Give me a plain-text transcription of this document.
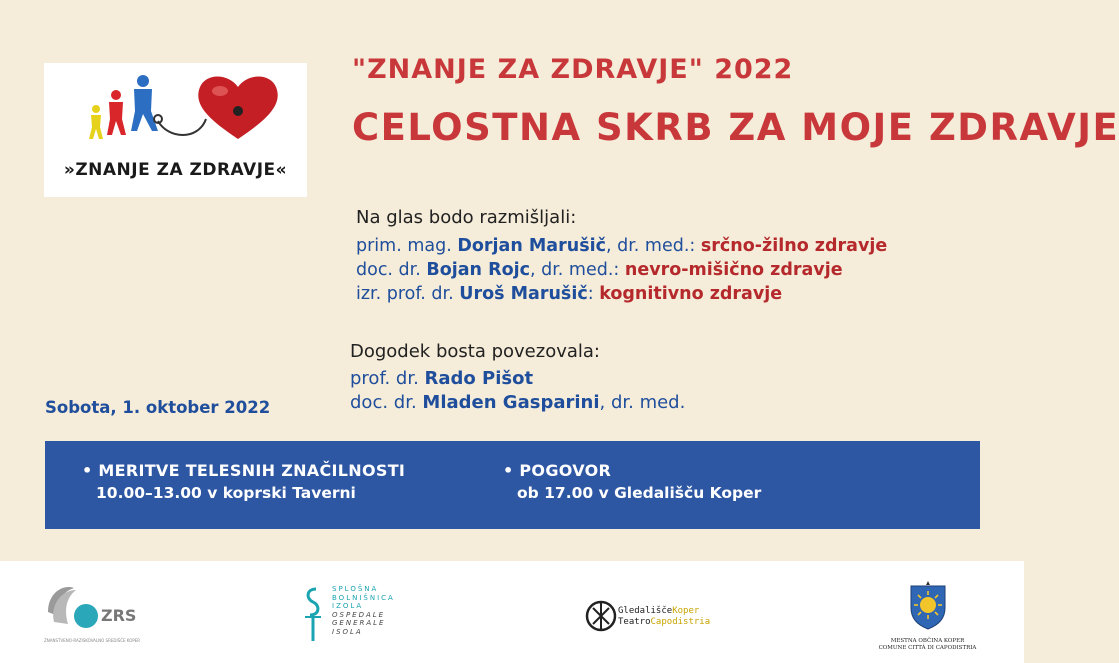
»ZNANJE ZA ZDRAVJE«
"ZNANJE ZA ZDRAVJE" 2022
CELOSTNA SKRB ZA MOJE ZDRAVJE
Na glas bodo razmišljali:
prim. mag. Dorjan Marušič, dr. med.: srčno-žilno zdravje
doc. dr. Bojan Rojc, dr. med.: nevro-mišično zdravje
izr. prof. dr. Uroš Marušič: kognitivno zdravje
Dogodek bosta povezovala:
prof. dr. Rado Pišot
doc. dr. Mladen Gasparini, dr. med.
Sobota, 1. oktober 2022
• MERITVE TELESNIH ZNAČILNOSTI
10.00–13.00 v koprski Taverni
• POGOVOR
ob 17.00 v Gledališču Koper
ZRS
ZNANSTVENO-RAZISKOVALNO SREDIŠČE KOPER
SPLOŠNA
BOLNIŠNICA
IZOLA
OSPEDALE
GENERALE
ISOLA
GledališčeKoper
TeatroCapodistria
MESTNA OBČINA KOPER
COMUNE CITTÀ DI CAPODISTRIA
